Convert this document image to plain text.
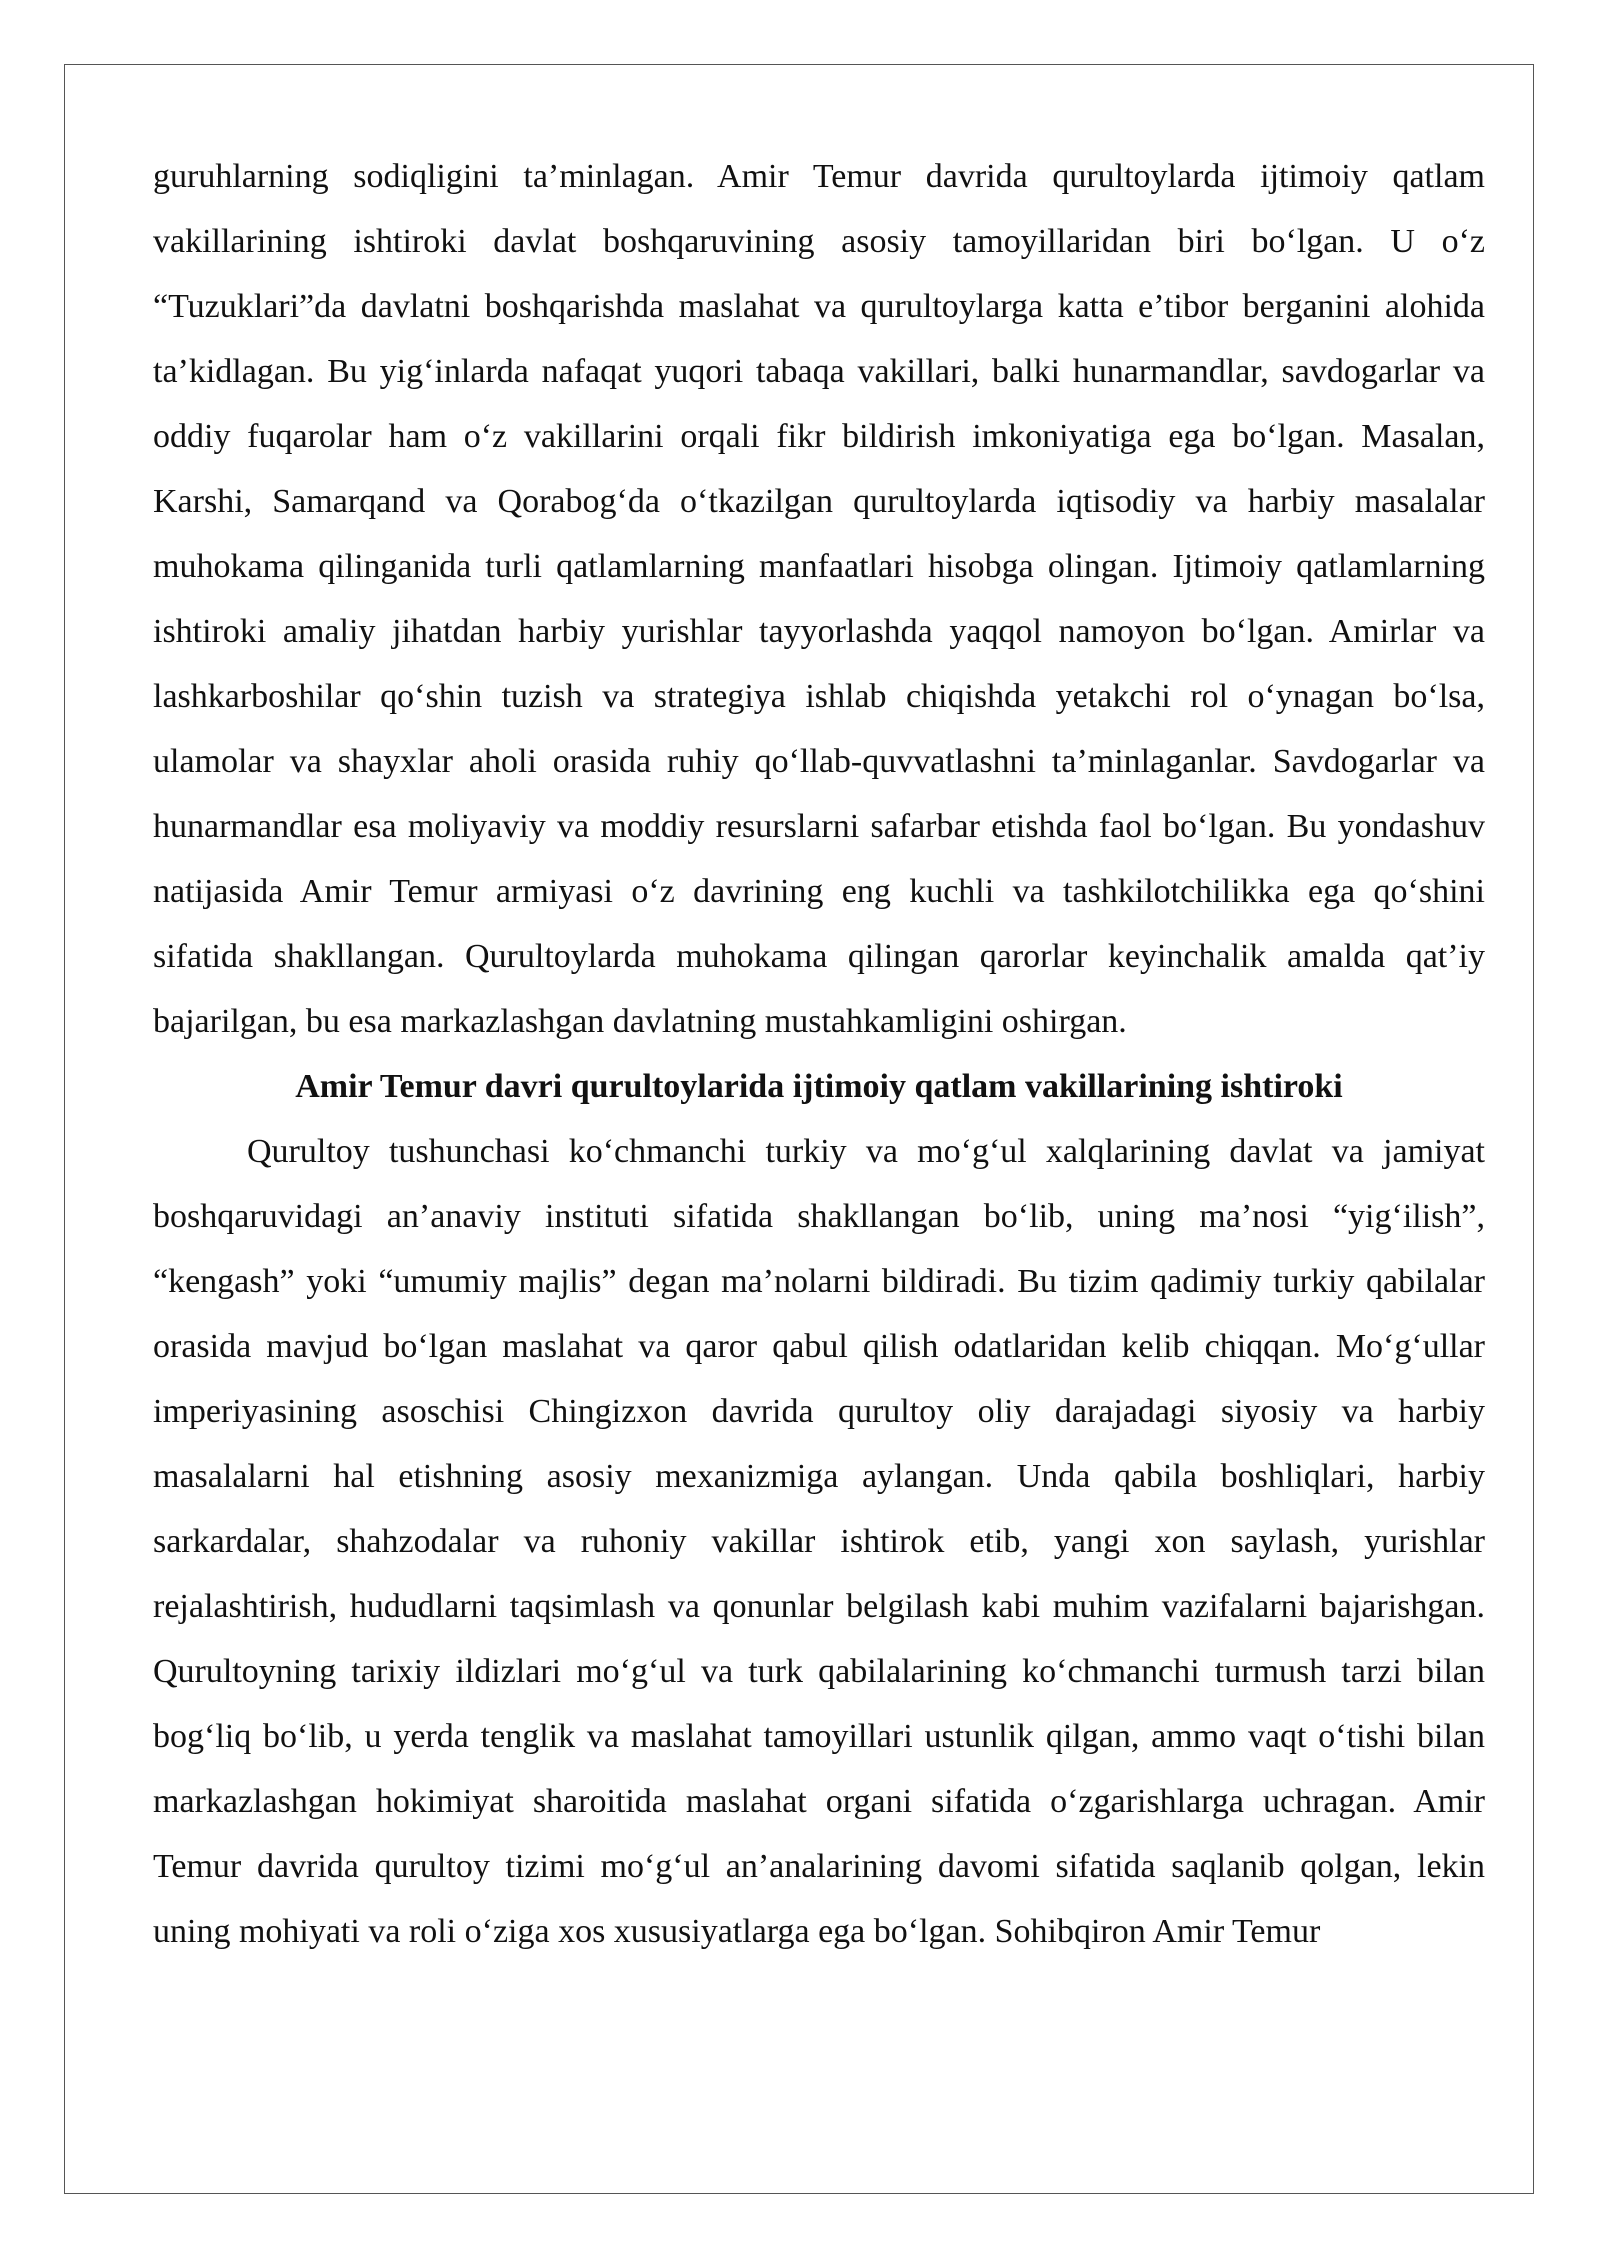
guruhlarning sodiqligini ta’minlagan. Amir Temur davrida qurultoylarda ijtimoiy qatlam vakillarining ishtiroki davlat boshqaruvining asosiy tamoyillaridan biri bo‘lgan. U o‘z “Tuzuklari”da davlatni boshqarishda maslahat va qurultoylarga katta e’tibor berganini alohida ta’kidlagan. Bu yig‘inlarda nafaqat yuqori tabaqa vakillari, balki hunarmandlar, savdogarlar va oddiy fuqarolar ham o‘z vakillarini orqali fikr bildirish imkoniyatiga ega bo‘lgan. Masalan, Karshi, Samarqand va Qorabog‘da o‘tkazilgan qurultoylarda iqtisodiy va harbiy masalalar muhokama qilinganida turli qatlamlarning manfaatlari hisobga olingan. Ijtimoiy qatlamlarning ishtiroki amaliy jihatdan harbiy yurishlar tayyorlashda yaqqol namoyon bo‘lgan. Amirlar va lashkarboshilar qo‘shin tuzish va strategiya ishlab chiqishda yetakchi rol o‘ynagan bo‘lsa, ulamolar va shayxlar aholi orasida ruhiy qo‘llab-quvvatlashni ta’minlaganlar. Savdogarlar va hunarmandlar esa moliyaviy va moddiy resurslarni safarbar etishda faol bo‘lgan. Bu yondashuv natijasida Amir Temur armiyasi o‘z davrining eng kuchli va tashkilotchilikka ega qo‘shini sifatida shakllangan. Qurultoylarda muhokama qilingan qarorlar keyinchalik amalda qat’iy bajarilgan, bu esa markazlashgan davlatning mustahkamligini oshirgan.

Amir Temur davri qurultoylarida ijtimoiy qatlam vakillarining ishtiroki

Qurultoy tushunchasi ko‘chmanchi turkiy va mo‘g‘ul xalqlarining davlat va jamiyat boshqaruvidagi an’anaviy instituti sifatida shakllangan bo‘lib, uning ma’nosi “yig‘ilish”, “kengash” yoki “umumiy majlis” degan ma’nolarni bildiradi. Bu tizim qadimiy turkiy qabilalar orasida mavjud bo‘lgan maslahat va qaror qabul qilish odatlaridan kelib chiqqan. Mo‘g‘ullar imperiyasining asoschisi Chingizxon davrida qurultoy oliy darajadagi siyosiy va harbiy masalalarni hal etishning asosiy mexanizmiga aylangan. Unda qabila boshliqlari, harbiy sarkardalar, shahzodalar va ruhoniy vakillar ishtirok etib, yangi xon saylash, yurishlar rejalashtirish, hududlarni taqsimlash va qonunlar belgilash kabi muhim vazifalarni bajarishgan. Qurultoyning tarixiy ildizlari mo‘g‘ul va turk qabilalarining ko‘chmanchi turmush tarzi bilan bog‘liq bo‘lib, u yerda tenglik va maslahat tamoyillari ustunlik qilgan, ammo vaqt o‘tishi bilan markazlashgan hokimiyat sharoitida maslahat organi sifatida o‘zgarishlarga uchragan. Amir Temur davrida qurultoy tizimi mo‘g‘ul an’analarining davomi sifatida saqlanib qolgan, lekin uning mohiyati va roli o‘ziga xos xususiyatlarga ega bo‘lgan. Sohibqiron Amir Temur
